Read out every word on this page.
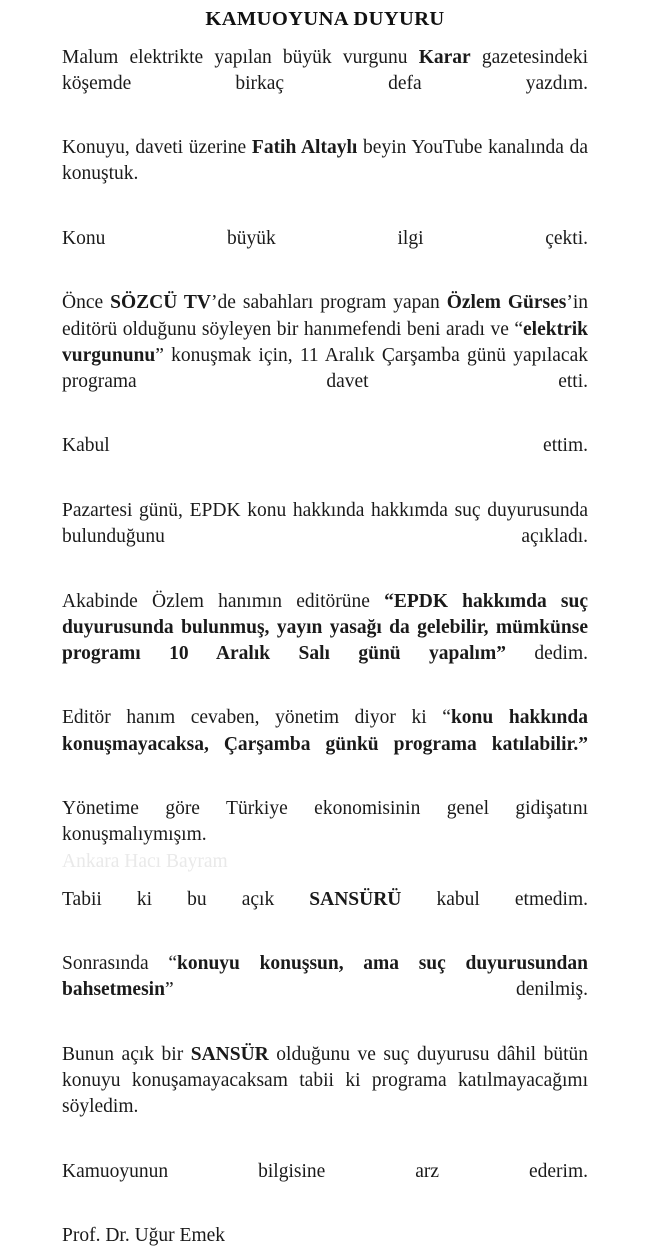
KAMUOYUNA DUYURU

Malum elektrikte yapılan büyük vurgunu Karar gazetesindeki köşemde birkaç defa yazdım.

Konuyu, daveti üzerine Fatih Altaylı beyin YouTube kanalında da konuştuk.

Konu büyük ilgi çekti.

Önce SÖZCÜ TV’de sabahları program yapan Özlem Gürses’in editörü olduğunu söyleyen bir hanımefendi beni aradı ve “elektrik vurgununu” konuşmak için, 11 Aralık Çarşamba günü yapılacak programa davet etti.

Kabul ettim.

Pazartesi günü, EPDK konu hakkında hakkımda suç duyurusunda bulunduğunu açıkladı.

Akabinde Özlem hanımın editörüne “EPDK hakkımda suç duyurusunda bulunmuş, yayın yasağı da gelebilir, mümkünse programı 10 Aralık Salı günü yapalım” dedim.

Editör hanım cevaben, yönetim diyor ki “konu hakkında konuşmayacaksa, Çarşamba günkü programa katılabilir.”

Yönetime göre Türkiye ekonomisinin genel gidişatını konuşmalıymışım.

Tabii ki bu açık SANSÜRÜ kabul etmedim.

Sonrasında “konuyu konuşsun, ama suç duyurusundan bahsetmesin” denilmiş.

Bunun açık bir SANSÜR olduğunu ve suç duyurusu dâhil bütün konuyu konuşamayacaksam tabii ki programa katılmayacağımı söyledim.

Kamuoyunun bilgisine arz ederim.

Prof. Dr. Uğur Emek

Ankara Hacı Bayram
